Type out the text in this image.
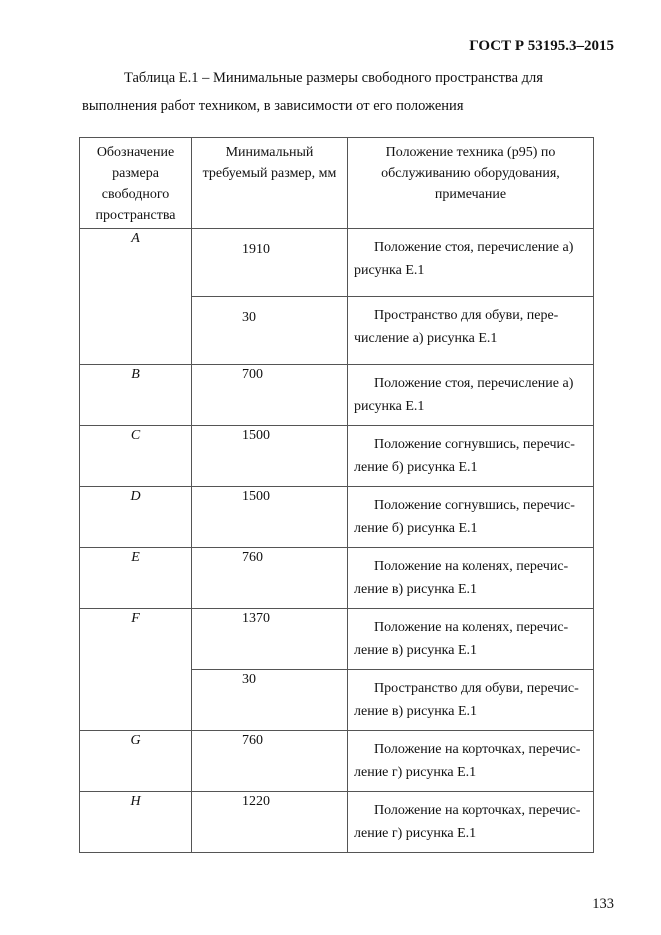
ГОСТ Р 53195.3–2015
Таблица Е.1 – Минимальные размеры свободного пространства для
выполнения работ техником, в зависимости от его положения
Обозначение размера свободного пространства	Минимальный требуемый размер, мм	Положение техника (p95) по обслуживанию оборудования, примечание
A	1910	Положение стоя, перечисление а) рисунка Е.1
	30	Пространство для обуви, пере-числение а) рисунка Е.1
B	700	Положение стоя, перечисление а) рисунка Е.1
C	1500	Положение согнувшись, перечис-ление б) рисунка Е.1
D	1500	Положение согнувшись, перечис-ление б) рисунка Е.1
E	760	Положение на коленях, перечис-ление в) рисунка Е.1
F	1370	Положение на коленях, перечис-ление в) рисунка Е.1
	30	Пространство для обуви, перечис-ление в) рисунка Е.1
G	760	Положение на корточках, перечис-ление г) рисунка Е.1
H	1220	Положение на корточках, перечис-ление г) рисунка Е.1
133
